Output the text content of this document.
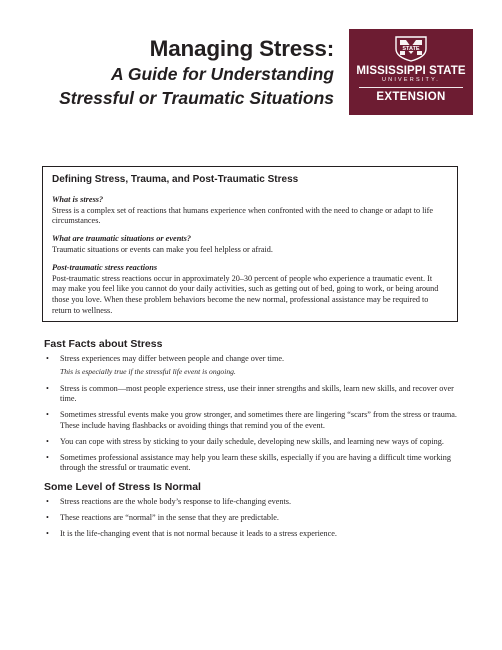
Managing Stress:
A Guide for Understanding
Stressful or Traumatic Situations
STATE
MISSISSIPPI STATE
UNIVERSITY.
EXTENSION
Defining Stress, Trauma, and Post-Traumatic Stress
What is stress?

Stress is a complex set of reactions that humans experience when confronted with the need to change or adapt to life circumstances.

What are traumatic situations or events?

Traumatic situations or events can make you feel helpless or afraid.

Post-traumatic stress reactions

Post-traumatic stress reactions occur in approximately 20–30 percent of people who experience a traumatic event. It may make you feel like you cannot do your daily activities, such as getting out of bed, going to work, or being around those you love. When these problem behaviors become the new normal, professional assistance may be required to return to wellness.

Fast Facts about Stress
• Stress experiences may differ between people and change over time.
This is especially true if the stressful life event is ongoing.
• Stress is common—most people experience stress, use their inner strengths and skills, learn new skills, and recover over time.
• Sometimes stressful events make you grow stronger, and sometimes there are lingering “scars” from the stress or trauma. These include having flashbacks or avoiding things that remind you of the event.
• You can cope with stress by sticking to your daily schedule, developing new skills, and learning new ways of coping.
• Sometimes professional assistance may help you learn these skills, especially if you are having a difficult time working through the stressful or traumatic event.
Some Level of Stress Is Normal
• Stress reactions are the whole body’s response to life-changing events.
• These reactions are “normal” in the sense that they are predictable.
• It is the life-changing event that is not normal because it leads to a stress experience.
